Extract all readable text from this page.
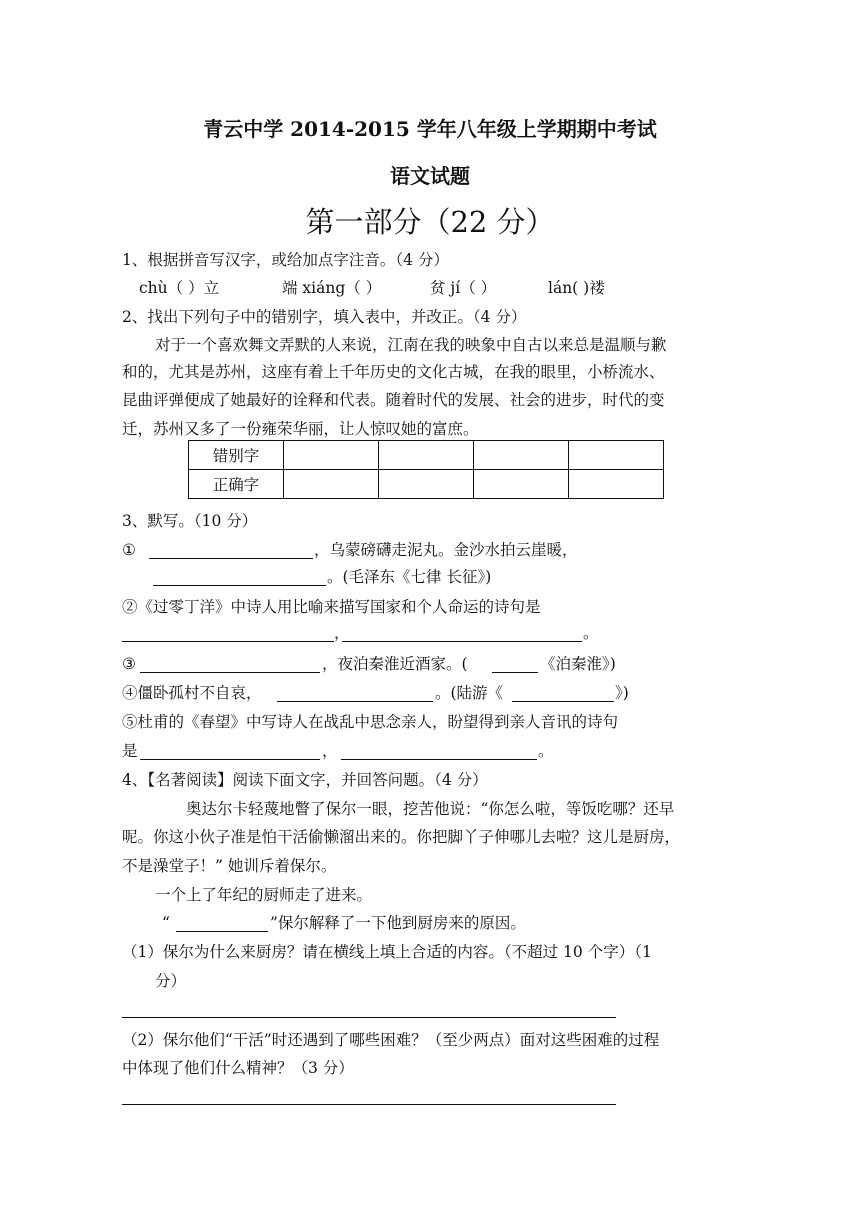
青云中学 2014-2015 学年八年级上学期期中考试
语文试题
第一部分（22 分）
1、根据拼音写汉字，或给加点字注音。（4 分）
chù（ ）立	端 xiáng（ ）	贫 jí（ ）	lán( )褛
2、找出下列句子中的错别字，填入表中，并改正。（4 分）
对于一个喜欢舞文弄默的人来说，江南在我的映象中自古以来总是温顺与歉
和的，尤其是苏州，这座有着上千年历史的文化古城，在我的眼里，小桥流水、
昆曲评弹便成了她最好的诠释和代表。随着时代的发展、社会的进步，时代的变
迁，苏州又多了一份雍荣华丽，让人惊叹她的富庶。
错别字				
正确字				
3、默写。（10 分）
①	，乌蒙磅礴走泥丸。金沙水拍云崖暖，
。(毛泽东《七律 长征》)
②《过零丁洋》中诗人用比喻来描写国家和个人命运的诗句是
，	。
③	，夜泊秦淮近酒家。(	《泊秦淮》)
④僵卧孤村不自哀，	。(陆游《	》)
⑤杜甫的《春望》中写诗人在战乱中思念亲人，盼望得到亲人音讯的诗句
是	，	。
4、【名著阅读】阅读下面文字，并回答问题。（4 分）
奥达尔卡轻蔑地瞥了保尔一眼，挖苦他说：“你怎么啦，等饭吃哪？还早
呢。你这小伙子准是怕干活偷懒溜出来的。你把脚丫子伸哪儿去啦？这儿是厨房，
不是澡堂子！” 她训斥着保尔。
一个上了年纪的厨师走了进来。
“	”保尔解释了一下他到厨房来的原因。
（1）保尔为什么来厨房？请在横线上填上合适的内容。（不超过 10 个字）（1
分）
（2）保尔他们“干活”时还遇到了哪些困难？（至少两点）面对这些困难的过程
中体现了他们什么精神？（3 分）
